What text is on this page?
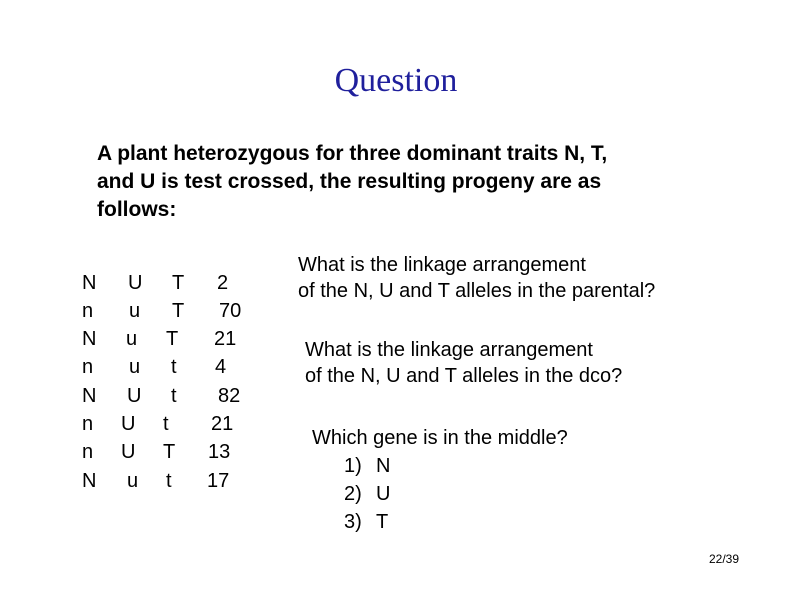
Question
A plant heterozygous for three dominant traits N, T,
and U is test crossed, the resulting progeny are as
follows:
N U T 2
n u T 70
N u T 21
n u t 4
N U t 82
n U t 21
n U T 13
N u t 17
What is the linkage arrangement
of the N, U and T alleles in the parental?
What is the linkage arrangement
of the N, U and T alleles in the dco?
Which gene is in the middle?
1) N
2) U
3) T
22/39
